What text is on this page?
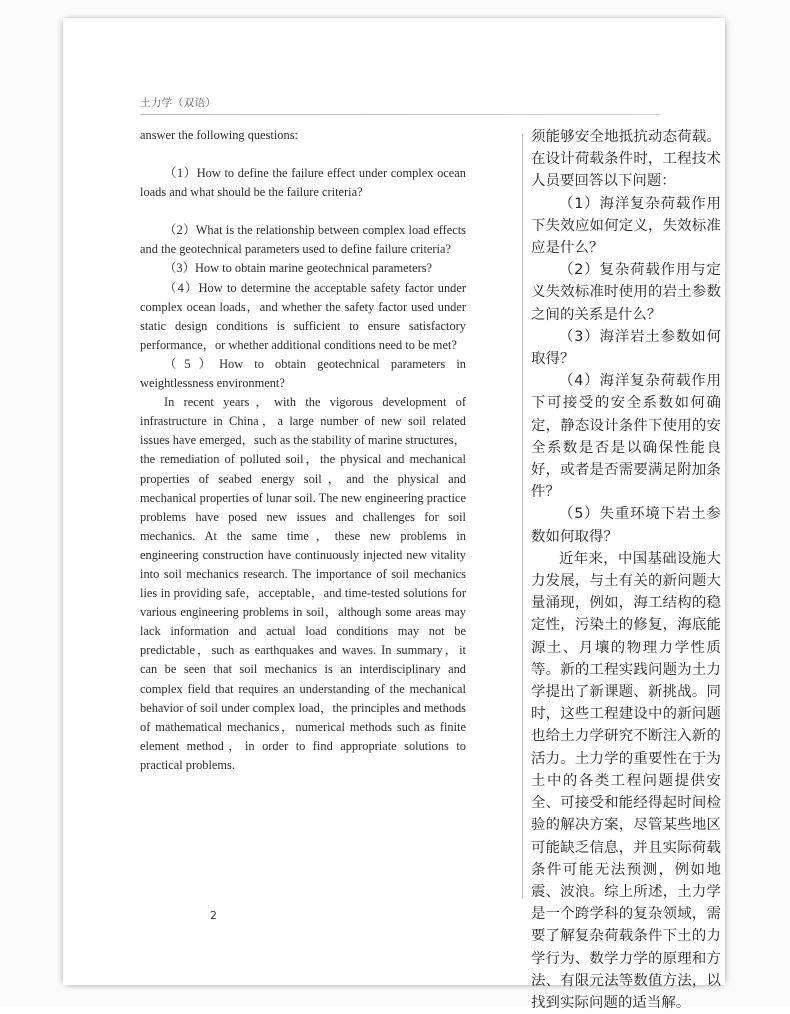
土力学（双语）

answer the following questions:

（1）How to define the failure effect under complex ocean loads and what should be the failure criteria?

（2）What is the relationship between complex load effects and the geotechnical parameters used to define failure criteria?

（3）How to obtain marine geotechnical parameters?

（4）How to determine the acceptable safety factor under complex ocean loads，and whether the safety factor used under static design conditions is sufficient to ensure satisfactory performance，or whether additional conditions need to be met?

（5）How to obtain geotechnical parameters in weightlessness environment?

In recent years，with the vigorous development of infrastructure in China，a large number of new soil related issues have emerged，such as the stability of marine structures，the remediation of polluted soil，the physical and mechanical properties of seabed energy soil，and the physical and mechanical properties of lunar soil. The new engineering practice problems have posed new issues and challenges for soil mechanics. At the same time，these new problems in engineering construction have continuously injected new vitality into soil mechanics research. The importance of soil mechanics lies in providing safe，acceptable，and time-tested solutions for various engineering problems in soil，although some areas may lack information and actual load conditions may not be predictable，such as earthquakes and waves. In summary，it can be seen that soil mechanics is an interdisciplinary and complex field that requires an understanding of the mechanical behavior of soil under complex load，the principles and methods of mathematical mechanics，numerical methods such as finite element method，in order to find appropriate solutions to practical problems.

须能够安全地抵抗动态荷载。在设计荷载条件时，工程技术人员要回答以下问题：

（1）海洋复杂荷载作用下失效应如何定义，失效标准应是什么？

（2）复杂荷载作用与定义失效标准时使用的岩土参数之间的关系是什么？

（3）海洋岩土参数如何取得？

（4）海洋复杂荷载作用下可接受的安全系数如何确定，静态设计条件下使用的安全系数是否是以确保性能良好，或者是否需要满足附加条件？

（5）失重环境下岩土参数如何取得？

近年来，中国基础设施大力发展，与土有关的新问题大量涌现，例如，海工结构的稳定性，污染土的修复，海底能源土、月壤的物理力学性质等。新的工程实践问题为土力学提出了新课题、新挑战。同时，这些工程建设中的新问题也给土力学研究不断注入新的活力。土力学的重要性在于为土中的各类工程问题提供安全、可接受和能经得起时间检验的解决方案，尽管某些地区可能缺乏信息，并且实际荷载条件可能无法预测，例如地震、波浪。综上所述，土力学是一个跨学科的复杂领域，需要了解复杂荷载条件下土的力学行为、数学力学的原理和方法、有限元法等数值方法，以找到实际问题的适当解。

2
